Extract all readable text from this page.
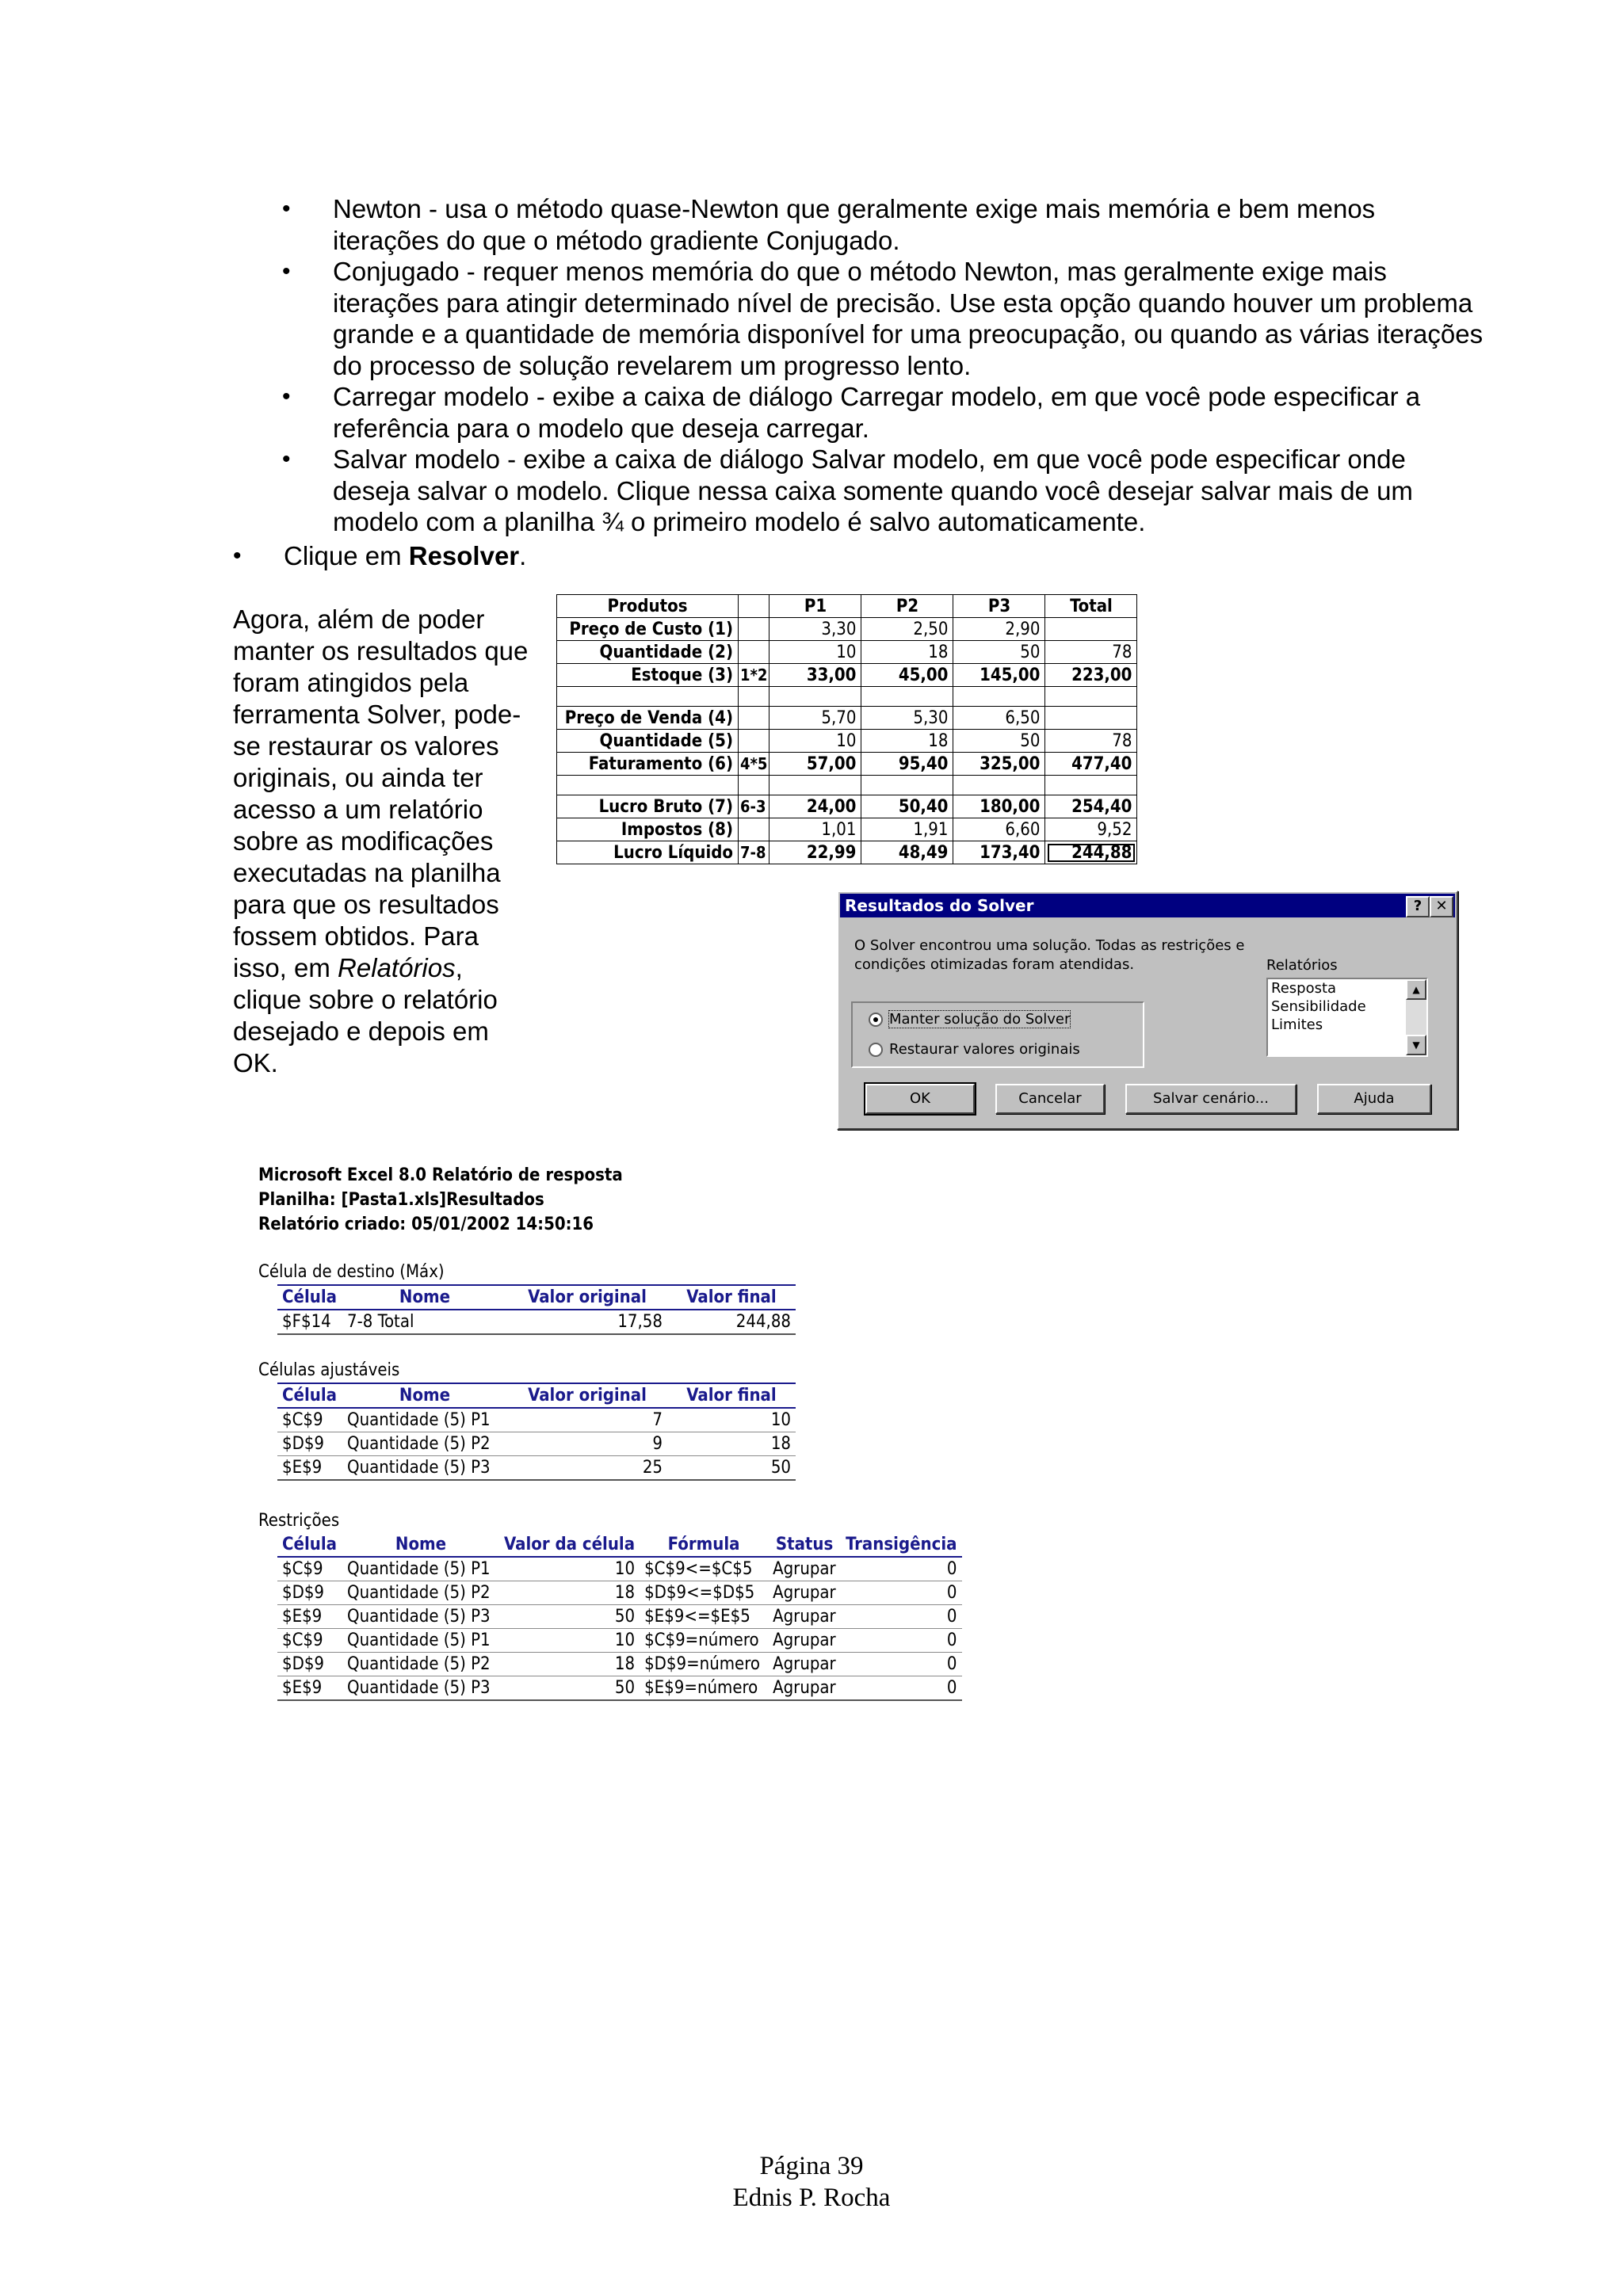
• Newton - usa o método quase-Newton que geralmente exige mais memória e bem menos iterações do que o método gradiente Conjugado.
• Conjugado - requer menos memória do que o método Newton, mas geralmente exige mais iterações para atingir determinado nível de precisão. Use esta opção quando houver um problema grande e a quantidade de memória disponível for uma preocupação, ou quando as várias iterações do processo de solução revelarem um progresso lento.
• Carregar modelo - exibe a caixa de diálogo Carregar modelo, em que você pode especificar a referência para o modelo que deseja carregar.
• Salvar modelo - exibe a caixa de diálogo Salvar modelo, em que você pode especificar onde deseja salvar o modelo. Clique nessa caixa somente quando você desejar salvar mais de um modelo com a planilha ¾ o primeiro modelo é salvo automaticamente.
• Clique em Resolver.

Agora, além de poder manter os resultados que foram atingidos pela ferramenta Solver, pode-se restaurar os valores originais, ou ainda ter acesso a um relatório sobre as modificações executadas na planilha para que os resultados fossem obtidos. Para isso, em Relatórios, clique sobre o relatório desejado e depois em OK.

Produtos		P1	P2	P3	Total
Preço de Custo (1)		3,30	2,50	2,90	
Quantidade (2)		10	18	50	78
Estoque (3)	1*2	33,00	45,00	145,00	223,00

Preço de Venda (4)		5,70	5,30	6,50	
Quantidade (5)		10	18	50	78
Faturamento (6)	4*5	57,00	95,40	325,00	477,40

Lucro Bruto (7)	6-3	24,00	50,40	180,00	254,40
Impostos (8)		1,01	1,91	6,60	9,52
Lucro Líquido	7-8	22,99	48,49	173,40	244,88
Resultados do Solver	? ✕
O Solver encontrou uma solução. Todas as restrições e condições otimizadas foram atendidas.	Relatórios
Resposta
Sensibilidade
Limites
▲
▼
Manter solução do Solver
Restaurar valores originais
OK	Cancelar	Salvar cenário...	Ajuda
Microsoft Excel 8.0 Relatório de resposta
Planilha: [Pasta1.xls]Resultados
Relatório criado: 05/01/2002 14:50:16
Célula de destino (Máx)
Célula	Nome	Valor original	Valor final
$F$14	7-8 Total	17,58	244,88
Células ajustáveis
Célula	Nome	Valor original	Valor final
$C$9	Quantidade (5) P1	7	10
$D$9	Quantidade (5) P2	9	18
$E$9	Quantidade (5) P3	25	50
Restrições
Célula	Nome	Valor da célula	Fórmula	Status	Transigência
$C$9	Quantidade (5) P1	10	$C$9<=$C$5	Agrupar	0
$D$9	Quantidade (5) P2	18	$D$9<=$D$5	Agrupar	0
$E$9	Quantidade (5) P3	50	$E$9<=$E$5	Agrupar	0
$C$9	Quantidade (5) P1	10	$C$9=número	Agrupar	0
$D$9	Quantidade (5) P2	18	$D$9=número	Agrupar	0
$E$9	Quantidade (5) P3	50	$E$9=número	Agrupar	0
Página 39
Ednis P. Rocha
